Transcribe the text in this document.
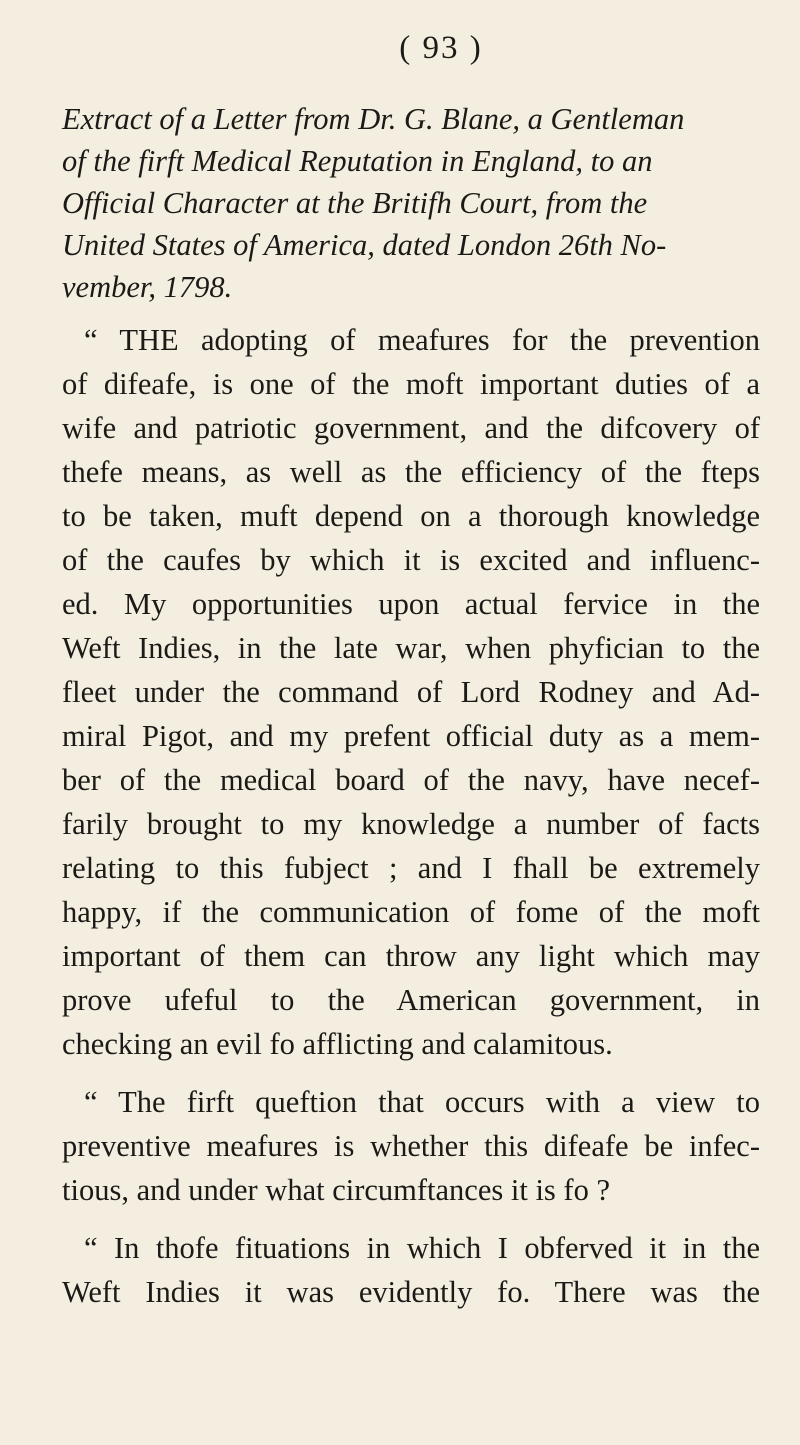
( 93 )
Extract of a Letter from Dr. G. Blane, a Gentleman
of the firft Medical Reputation in England, to an
Official Character at the Britifh Court, from the
United States of America, dated London 26th No-
vember, 1798.
“ THE adopting of meafures for the prevention
of difeafe, is one of the moft important duties of a
wife and patriotic government, and the difcovery of
thefe means, as well as the efficiency of the fteps
to be taken, muft depend on a thorough knowledge
of the caufes by which it is excited and influenc-
ed. My opportunities upon actual fervice in the
Weft Indies, in the late war, when phyfician to the
fleet under the command of Lord Rodney and Ad-
miral Pigot, and my prefent official duty as a mem-
ber of the medical board of the navy, have necef-
farily brought to my knowledge a number of facts
relating to this fubject ; and I fhall be extremely
happy, if the communication of fome of the moft
important of them can throw any light which may
prove ufeful to the American government, in
checking an evil fo afflicting and calamitous.
“ The firft queftion that occurs with a view to
preventive meafures is whether this difeafe be infec-
tious, and under what circumftances it is fo ?
“ In thofe fituations in which I obferved it in the
Weft Indies it was evidently fo. There was the
